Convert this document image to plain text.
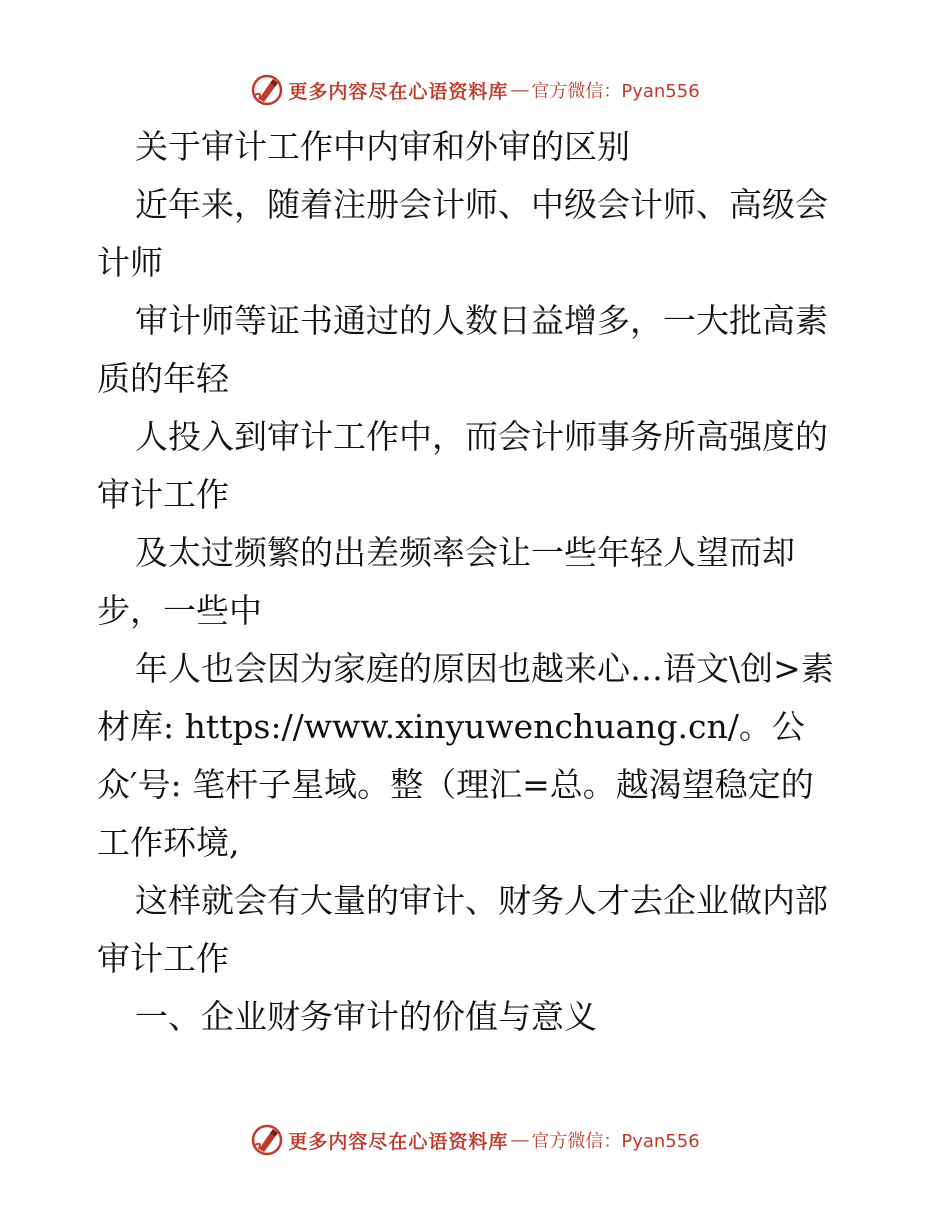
更多内容尽在心语资料库 — 官方微信：Pyan556
关于审计工作中内审和外审的区别
近年来，随着注册会计师、中级会计师、高级会
计师
审计师等证书通过的人数日益增多，一大批高素
质的年轻
人投入到审计工作中，而会计师事务所高强度的
审计工作
及太过频繁的出差频率会让一些年轻人望而却
步，一些中
年人也会因为家庭的原因也越来心…语文\创>素
材库: https://www.xinyuwenchuang.cn/。公
众′号: 笔杆子星域。整（理汇=总。越渴望稳定的
工作环境,
这样就会有大量的审计、财务人才去企业做内部
审计工作
一、企业财务审计的价值与意义
更多内容尽在心语资料库 — 官方微信：Pyan556
